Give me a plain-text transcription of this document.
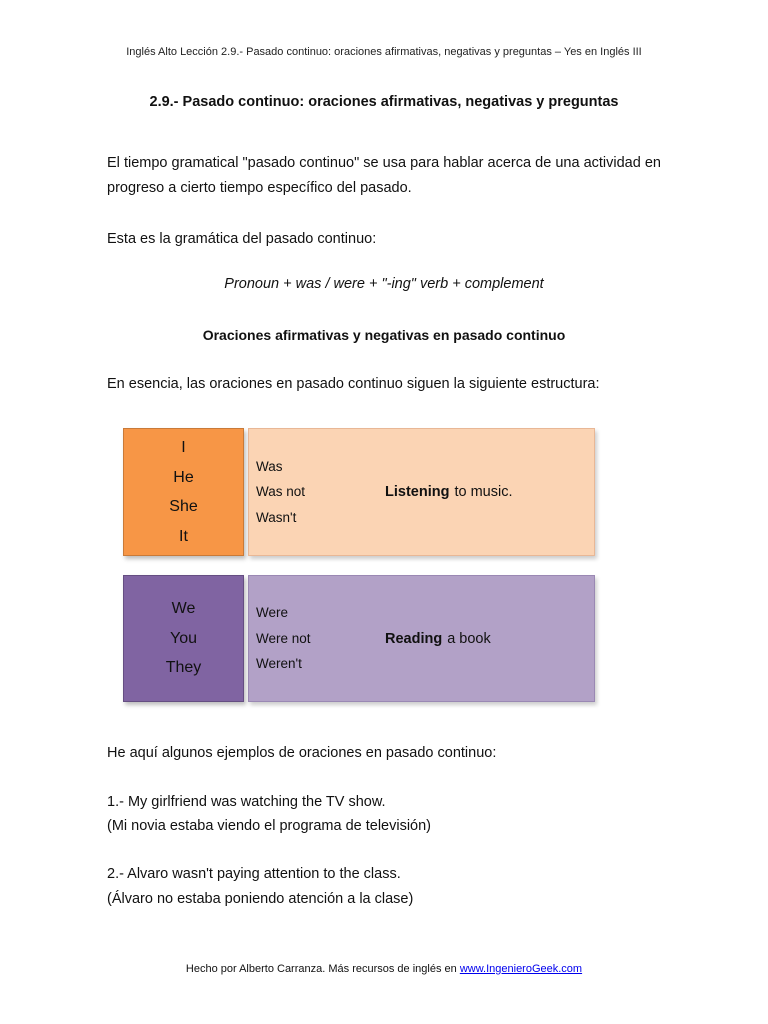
Inglés Alto Lección 2.9.- Pasado continuo: oraciones afirmativas, negativas y preguntas – Yes en Inglés III
2.9.- Pasado continuo: oraciones afirmativas, negativas y preguntas

El tiempo gramatical "pasado continuo" se usa para hablar acerca de una actividad en progreso a cierto tiempo específico del pasado.

Esta es la gramática del pasado continuo:

Pronoun + was / were + "-ing" verb + complement
Oraciones afirmativas y negativas en pasado continuo

En esencia, las oraciones en pasado continuo siguen la siguiente estructura:

I
He
She
It
Was
Was not
Wasn't
Listening to music.
We
You
They
Were
Were not
Weren't
Reading a book

He aquí algunos ejemplos de oraciones en pasado continuo:

1.- My girlfriend was watching the TV show.

(Mi novia estaba viendo el programa de televisión)

2.- Alvaro wasn't paying attention to the class.

(Álvaro no estaba poniendo atención a la clase)

Hecho por Alberto Carranza. Más recursos de inglés en www.IngenieroGeek.com
